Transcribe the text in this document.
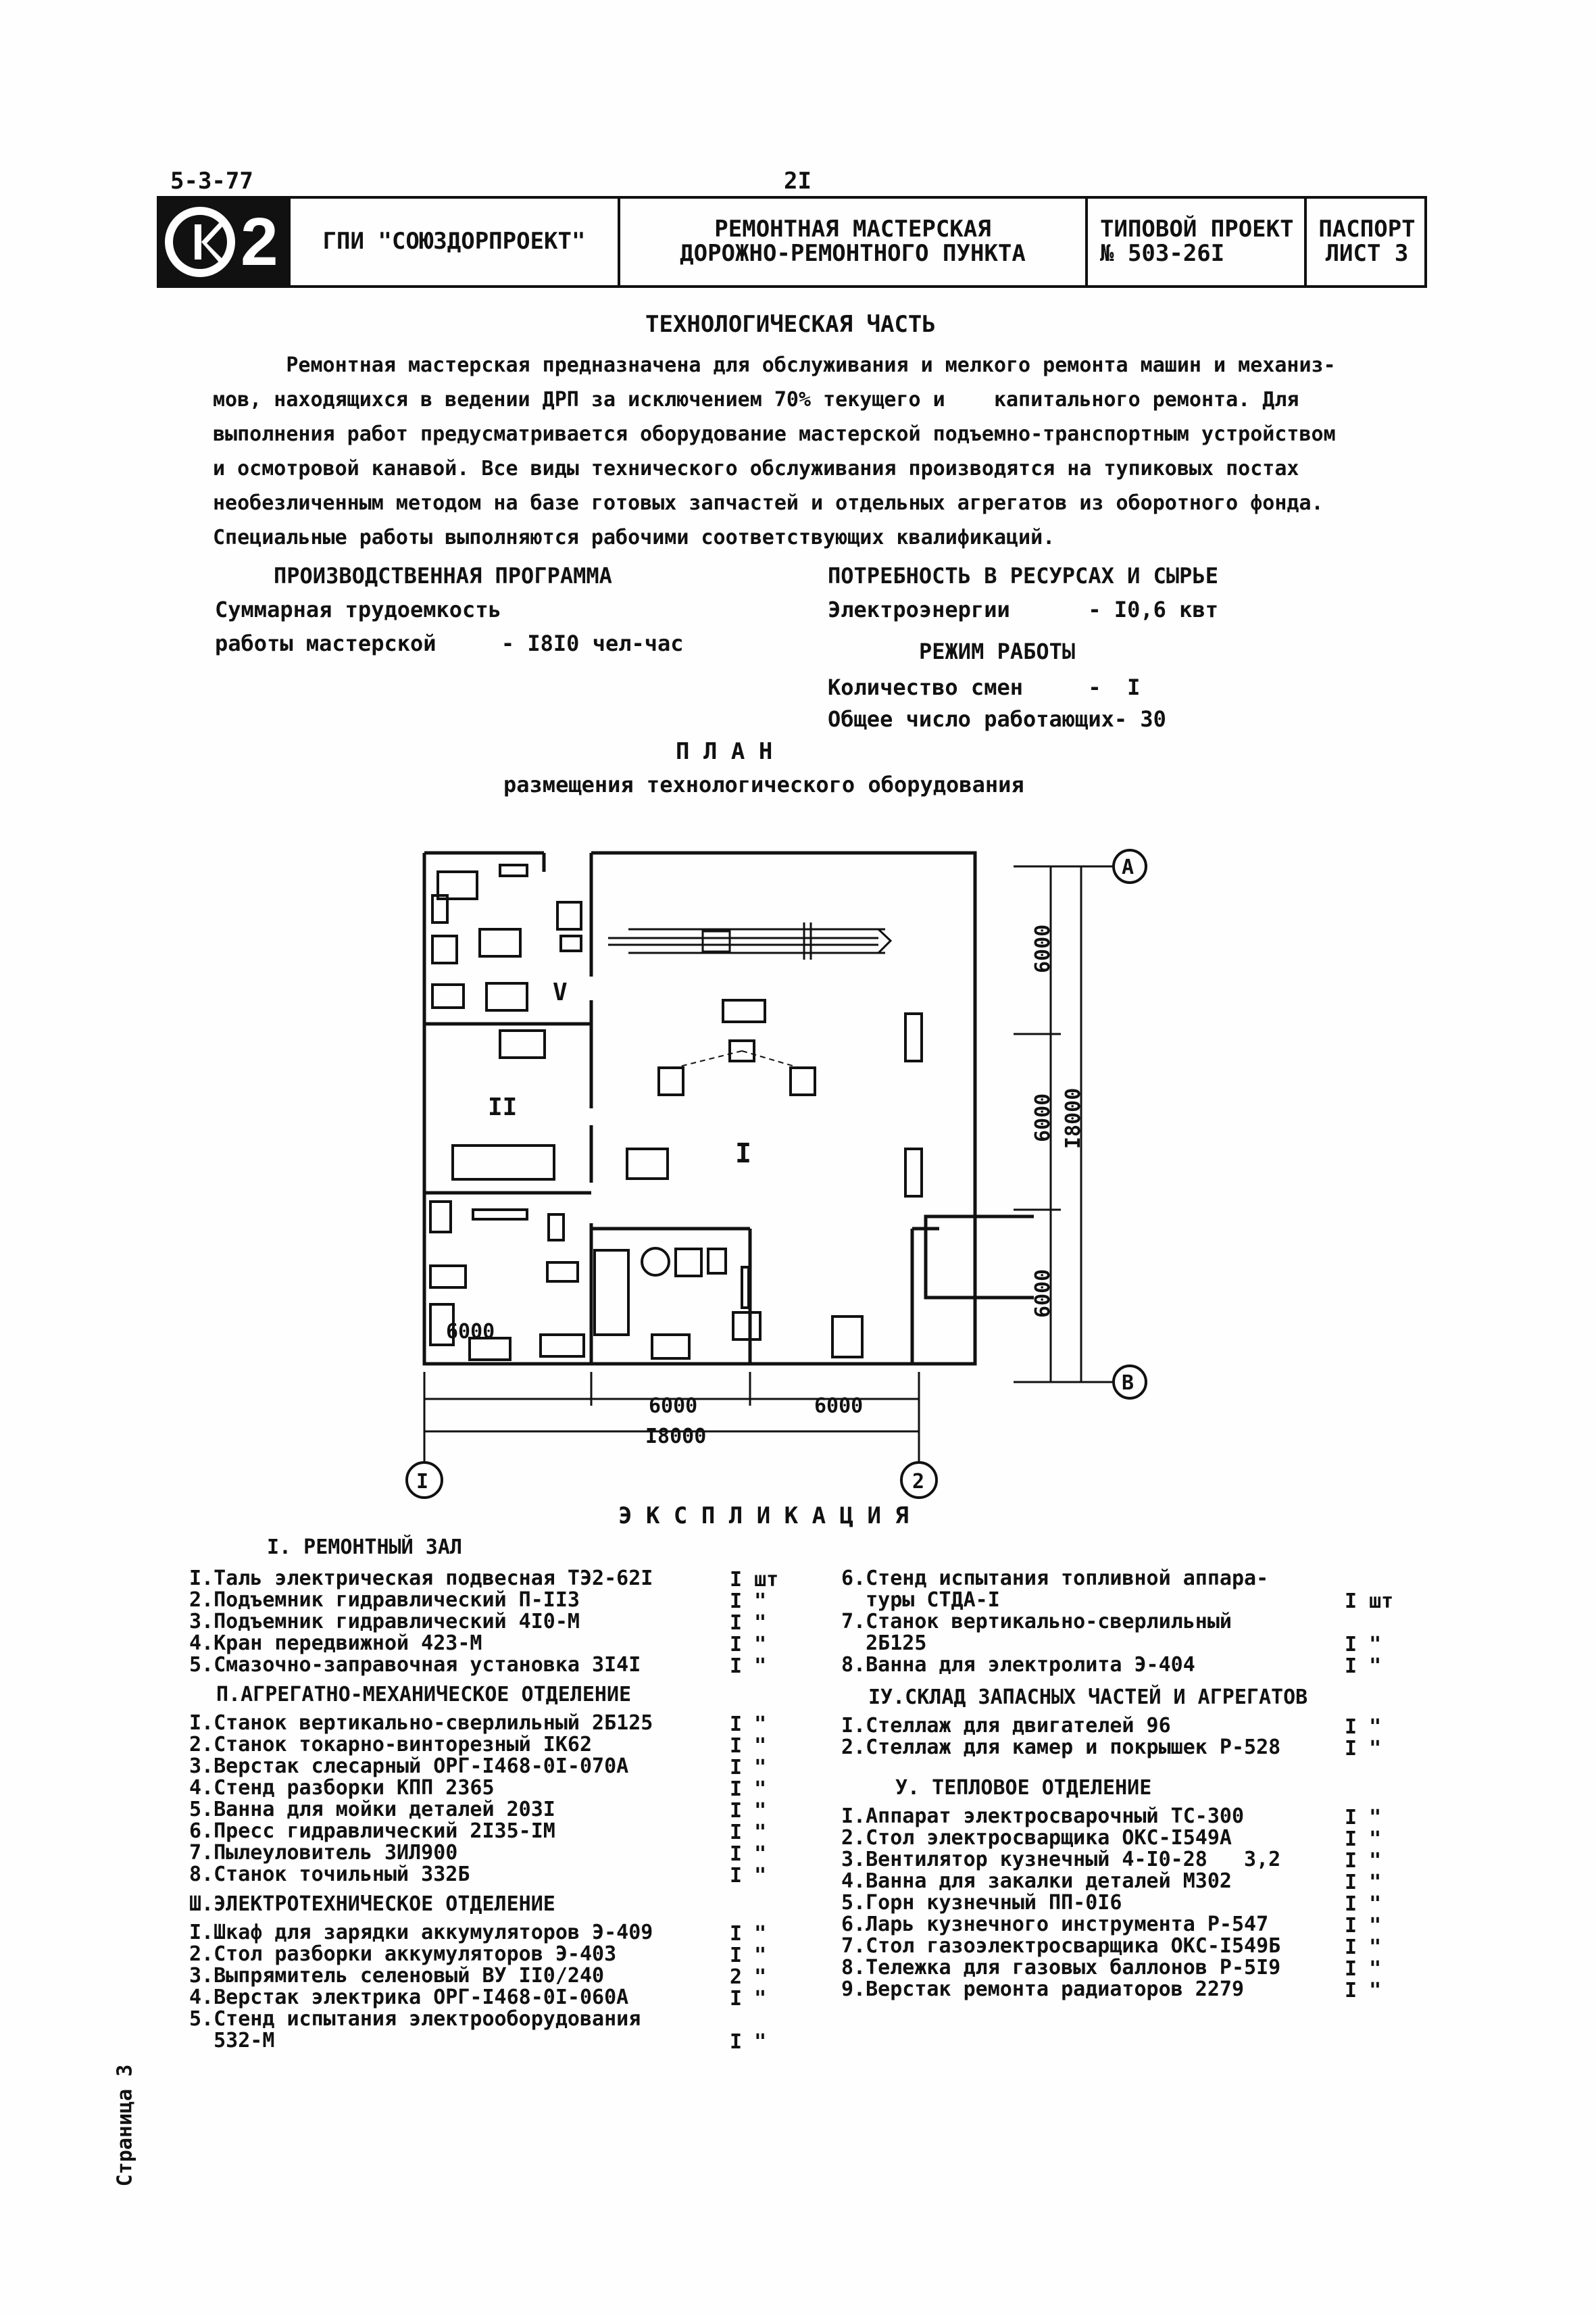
5-3-77	2I
2 ГПИ "СОЮЗДОРПРОЕКТ"	РЕМОНТНАЯ МАСТЕРСКАЯ
ДОРОЖНО-РЕМОНТНОГО ПУНКТА
ТИПОВОЙ ПРОЕКТ
№ 503-26I
ПАСПОРТ
ЛИСТ 3
ТЕХНОЛОГИЧЕСКАЯ ЧАСТЬ
Ремонтная мастерская предназначена для обслуживания и мелкого ремонта машин и механиз-
мов, находящихся в ведении ДРП за исключением 70% текущего и    капитального ремонта. Для
выполнения работ предусматривается оборудование мастерской подъемно-транспортным устройством
и осмотровой канавой. Все виды технического обслуживания производятся на тупиковых постах
необезличенным методом на базе готовых запчастей и отдельных агрегатов из оборотного фонда.
Специальные работы выполняются рабочими соответствующих квалификаций.
ПРОИЗВОДСТВЕННАЯ ПРОГРАММА
Суммарная трудоемкость
работы мастерской     - I8I0 чел-час
ПОТРЕБНОСТЬ В РЕСУРСАХ И СЫРЬЕ
Электроэнергии      - I0,6 квт
РЕЖИМ РАБОТЫ
Количество смен     -  I
Общее число работающих- 30
П Л А Н
размещения технологического оборудования
6000
6000	6000
I8000
I	2
А
В
I
II
V
6000
6000
6000
I8000
Э К С П Л И К А Ц И Я
I. РЕМОНТНЫЙ ЗАЛ
I.Таль электрическая подвесная ТЭ2-62I	I шт
2.Подъемник гидравлический П-II3	I "
3.Подъемник гидравлический 4I0-М	I "
4.Кран передвижной 423-М	I "
5.Смазочно-заправочная установка 3I4I	I "
П.АГРЕГАТНО-МЕХАНИЧЕСКОЕ ОТДЕЛЕНИЕ
I.Станок вертикально-сверлильный 2Б125	I "
2.Станок токарно-винторезный IК62	I "
3.Верстак слесарный ОРГ-I468-0I-070А	I "
4.Стенд разборки КПП 2365	I "
5.Ванна для мойки деталей 203I	I "
6.Пресс гидравлический 2I35-IМ	I "
7.Пылеуловитель ЗИЛ900	I "
8.Станок точильный 332Б	I "
Ш.ЭЛЕКТРОТЕХНИЧЕСКОЕ ОТДЕЛЕНИЕ
I.Шкаф для зарядки аккумуляторов Э-409	I "
2.Стол разборки аккумуляторов Э-403	I "
3.Выпрямитель селеновый ВУ II0/240	2 "
4.Верстак электрика ОРГ-I468-0I-060А	I "
5.Стенд испытания электрооборудования
532-М	I "
6.Стенд испытания топливной аппара-
туры СТДА-I	I шт
7.Станок вертикально-сверлильный
2Б125	I "
8.Ванна для электролита Э-404	I "
IУ.СКЛАД ЗАПАСНЫХ ЧАСТЕЙ И АГРЕГАТОВ
I.Стеллаж для двигателей 96	I "
2.Стеллаж для камер и покрышек Р-528	I "
У. ТЕПЛОВОЕ ОТДЕЛЕНИЕ
I.Аппарат электросварочный ТС-300	I "
2.Стол электросварщика ОКС-I549А	I "
3.Вентилятор кузнечный 4-I0-28   3,2	I "
4.Ванна для закалки деталей М302	I "
5.Горн кузнечный ПП-0I6	I "
6.Ларь кузнечного инструмента Р-547	I "
7.Стол газоэлектросварщика ОКС-I549Б	I "
8.Тележка для газовых баллонов Р-5I9	I "
9.Верстак ремонта радиаторов 2279	I "
Страница 3
